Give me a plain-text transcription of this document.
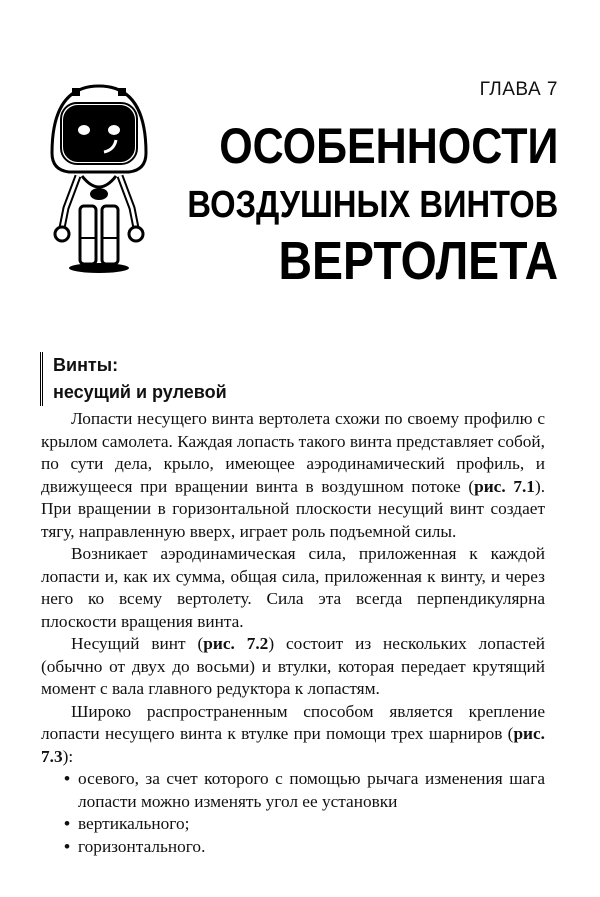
ГЛАВА 7
ОСОБЕННОСТИ
ВОЗДУШНЫХ ВИНТОВ
ВЕРТОЛЕТА
Винты:
несущий и рулевой

Лопасти несущего винта вертолета схожи по своему профилю с крылом самолета. Каждая лопасть такого винта представляет собой, по сути дела, крыло, имеющее аэродинамический профиль, и движущееся при вращении винта в воздушном потоке (рис. 7.1). При вращении в горизонтальной плоскости несущий винт создает тягу, направленную вверх, играет роль подъемной силы.

Возникает аэродинамическая сила, приложенная к каждой лопасти и, как их сумма, общая сила, приложенная к винту, и через него ко всему вертолету. Сила эта всегда перпендикулярна плоскости вращения винта.

Несущий винт (рис. 7.2) состоит из нескольких лопастей (обычно от двух до восьми) и втулки, которая передает крутящий момент с вала главного редуктора к лопастям.

Широко распространенным способом является крепление лопасти несущего винта к втулке при помощи трех шарниров (рис. 7.3):

• осевого, за счет которого с помощью рычага изменения шага лопасти можно изменять угол ее установки
• вертикального;
• горизонтального.
